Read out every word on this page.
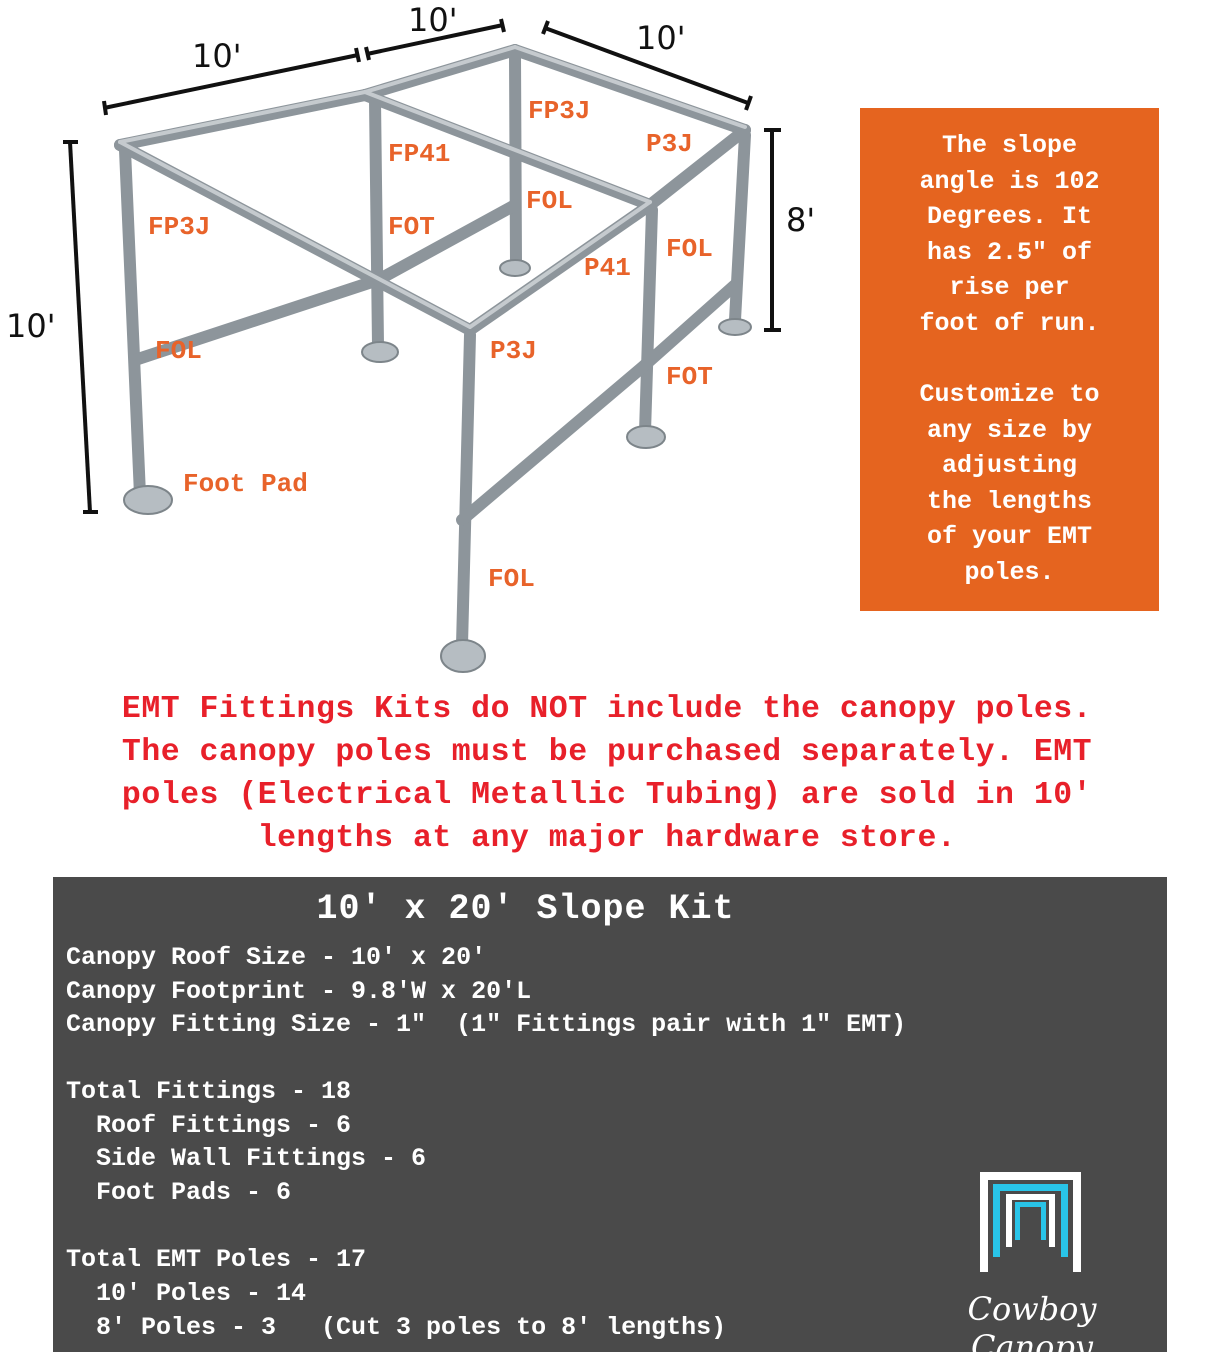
10'
10'	10'
10'
8'
FP3J
FP41	P3J
FP3J	FOT
FOL
FOL
P41
FOL	P3J
FOT
Foot Pad
FOL

The slope

angle is 102

Degrees. It

has 2.5" of

rise per

foot of run.

Customize to

any size by

adjusting

the lengths

of your EMT

poles.

EMT Fittings Kits do NOT include the canopy poles.
The canopy poles must be purchased separately. EMT
poles (Electrical Metallic Tubing) are sold in 10'
lengths at any major hardware store.
10' x 20' Slope Kit
Canopy Roof Size - 10' x 20'
Canopy Footprint - 9.8'W x 20'L
Canopy Fitting Size - 1"  (1" Fittings pair with 1" EMT)
Total Fittings - 18
Roof Fittings - 6
Side Wall Fittings - 6
Foot Pads - 6
Total EMT Poles - 17
10' Poles - 14
8' Poles - 3   (Cut 3 poles to 8' lengths)	Cowboy Canopy
